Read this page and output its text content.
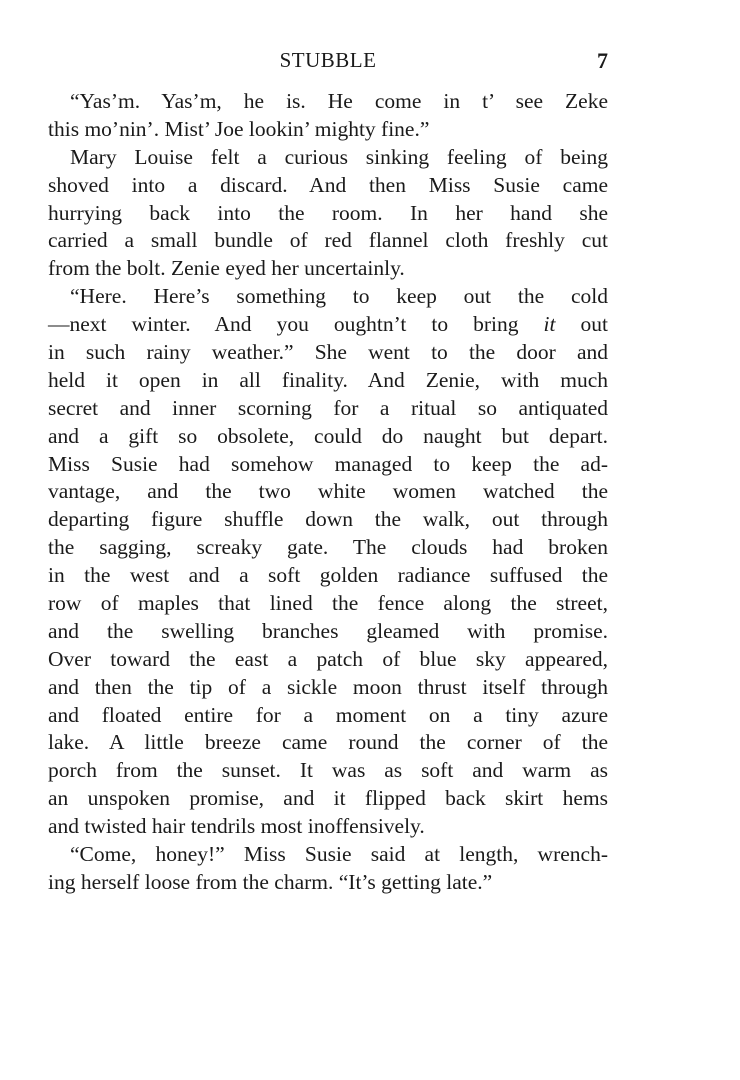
STUBBLE	7
“Yas’m. Yas’m, he is. He come in t’ see Zeke
this mo’nin’. Mist’ Joe lookin’ mighty fine.”
Mary Louise felt a curious sinking feeling of being
shoved into a discard. And then Miss Susie came
hurrying back into the room. In her hand she
carried a small bundle of red flannel cloth freshly cut
from the bolt. Zenie eyed her uncertainly.
“Here. Here’s something to keep out the cold
—next winter. And you oughtn’t to bring it out
in such rainy weather.” She went to the door and
held it open in all finality. And Zenie, with much
secret and inner scorning for a ritual so antiquated
and a gift so obsolete, could do naught but depart.
Miss Susie had somehow managed to keep the ad-
vantage, and the two white women watched the
departing figure shuffle down the walk, out through
the sagging, screaky gate. The clouds had broken
in the west and a soft golden radiance suffused the
row of maples that lined the fence along the street,
and the swelling branches gleamed with promise.
Over toward the east a patch of blue sky appeared,
and then the tip of a sickle moon thrust itself through
and floated entire for a moment on a tiny azure
lake. A little breeze came round the corner of the
porch from the sunset. It was as soft and warm as
an unspoken promise, and it flipped back skirt hems
and twisted hair tendrils most inoffensively.
“Come, honey!” Miss Susie said at length, wrench-
ing herself loose from the charm. “It’s getting late.”
